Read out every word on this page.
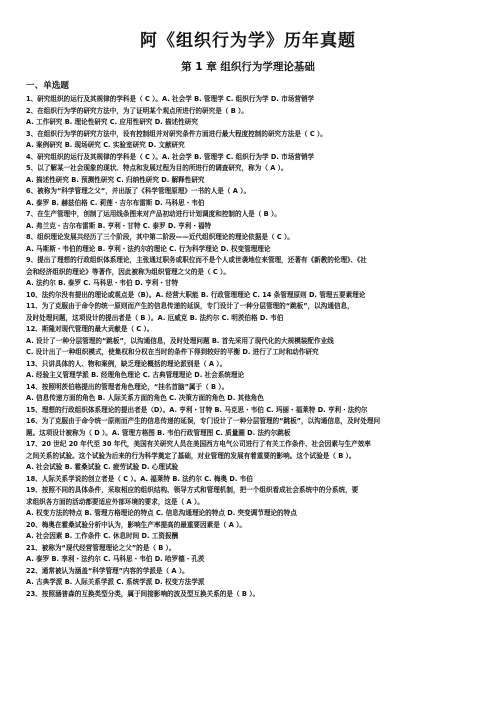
阿《组织行为学》历年真题
第 1 章 组织行为学理论基础
一、单选题
1、研究组织的运行及其规律的学科是（ C ）。A. 社会学 B. 管理学 C. 组织行为学 D. 市场营销学
2、在组织行为学的研究方法中，为了证明某个观点所进行的研究是（ B ）。
A. 工作研究 B. 理论性研究 C. 应用性研究 D. 描述性研究
3、在组织行为学的研究方法中，设有控制组并对研究条件方面进行最大程度控制的研究方法是（ C ）。
A. 案例研究 B. 现场研究 C. 实验室研究 D. 文献研究
4、研究组织的运行及其规律的学科是（ C ）。A. 社会学 B. 管理学 C. 组织行为学 D. 市场营销学
5、以了解某一社会现象的现状、特点和发展过程为目的所进行的调查研究，称为（ A ）。
A. 描述性研究 B. 预测性研究 C. 归纳性研究 D. 解释性研究
6、被称为“科学管理之父”，并出版了《科学管理原理》一书的人是（ A ）。
A. 泰罗 B. 赫兹伯格 C. 莉莲・吉尔布雷斯 D. 马科思・韦伯
7、在生产管理中，创制了运用线条图来对产品初动进行计划调度和控制的人是（ B ）。
A. 弗兰克・吉尔布雷斯 B. 亨利・甘特 C. 泰罗 D. 亨利・福特
8、组织理论发展共经历了三个阶段，其中第二阶段——近代组织理论的理论依据是（ C ）。
A. 马斯斯・韦伯的理论 B. 亨利・法约尔的理论 C. 行为科学理论 D. 权变管理理论
9、提出了理想的行政组织体系理论，主张通过职务或职位而不是个人或世袭地位来管理，还著有《新教的伦理》、《社
会和经济组织的理论》等著作，因此被称为组织管理之父的是（ C ）。
A. 法约尔 B. 泰罗 C. 马科思・韦伯 D. 亨利・甘特
10、法约尔没有提出的理论或观点是（B）。A. 经营大职能 B. 行政管理理论 C. 14 条管理原则 D. 管理五要素理论
11、为了克服由于命令的统一原则而产生的信息传递的延误，专门设计了一种分层管理的“跳板”，以沟通信息，
及时处理问题，这项设计的提出者是（ B ）。A. 厄威克 B. 法约尔 C. 明茨伯格 D. 韦伯
12、斯隆对现代管理的最大贡献是（ C ）。
A. 设计了一种分层管理的“跳板”，以沟通信息，及时处理问题 B. 首先采用了现代化的大规模装配作业线
C. 设计出了一种组织模式，使集权和分权在当时的条件下得到较好的平衡 D. 进行了工时和动作研究
13、只讲具体的人、物和案例，缺乏理论概括的理论派别是（ A ）。
A. 经验主义管理学派 B. 经理角色理论 C. 古典管理理论 D. 社会系统理论
14、按照明茨伯格提出的管理者角色理论，“挂名首脑”属于（ B ）。
A. 信息传递方面的角色 B. 人际关系方面的角色 C. 决策方面的角色 D. 其他角色
15、理想的行政组织体系理论的提出者是（D）。A. 亨利・甘特 B. 马克思・韦伯 C. 玛丽・福莱特 D. 亨利・法约尔
16、为了克服由于命令统一原则而产生的信息传递的延误，专门设计了一种分层管理的“跳板”，以沟通信息，及时处理问
题。这项设计被称为（ D ）。A. 管理方格图 B. 韦伯行政管理图 C. 质量圈 D. 法约尔跳板
17、20 世纪 20 年代至 30 年代，美国有关研究人员在美国西方电气公司进行了有关工作条件、社会因素与生产效率
之间关系的试验。这个试验为后来的行为科学奠定了基础，对业管理的发展有着重要的影响。这个试验是（ B ）。
A. 社会试验 B. 霍桑试验 C. 疲劳试验 D. 心理试验
18、人际关系学说的创立者是（ C ）。A. 福莱特 B. 法约尔 C. 梅奥 D. 韦伯
19、按照不同的具体条件，采取相应的组织结构、领导方式和管理机制，把一个组织看成社会系统中的分系统，要
求组织各方面的活动都要适应外部环境的要求，这是（ A ）。
A. 权变方法的特点 B. 管理方格理论的特点 C. 信息沟通理论的特点 D. 突变调节理论的特点
20、梅奥在霍桑试验分析中认为，影响生产率提高的最重要因素是（ A ）。
A. 社会因素 B. 工作条件 C. 休息时间 D. 工资报酬
21、被称为“现代经营管理理论之父”的是（ B ）。
A. 泰罗 B. 享利・法约尔 C. 马科思・韦伯 D. 哈罗德・孔茨
22、通常被认为涵盖“科学管理”内容的学派是（ A ）。
A. 古典学派 B. 人际关系学派 C. 系统学派 D. 权变方法学派
23、按照涵普森的互换类型分类，属于间接影响的波及型互换关系的是（ B ）。
